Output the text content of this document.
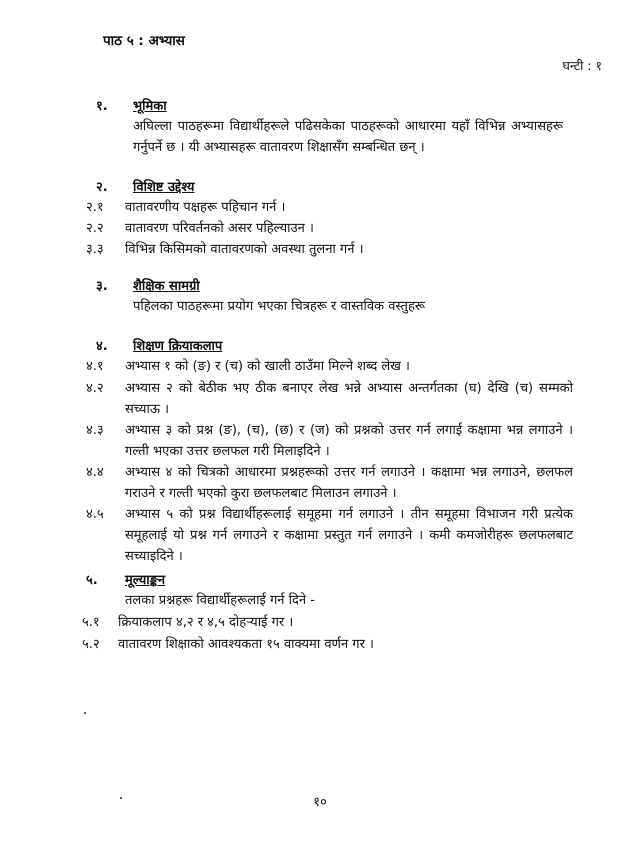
पाठ ५ : अभ्यास
घन्टी : १
१. भूमिका
अघिल्ला पाठहरूमा विद्यार्थीहरूले पढिसकेका पाठहरूको आधारमा यहाँ विभिन्न अभ्यासहरू गर्नुपर्ने छ । यी अभ्यासहरू वातावरण शिक्षासँग सम्बन्धित छन् ।
२. विशिष्ट उद्देश्य
२.१ वातावरणीय पक्षहरू पहिचान गर्न ।
२.२ वातावरण परिवर्तनको असर पहिल्याउन ।
३.३ विभिन्न किसिमको वातावरणको अवस्था तुलना गर्न ।
३. शैक्षिक सामग्री
पहिलका पाठहरूमा प्रयोग भएका चित्रहरू र वास्तविक वस्तुहरू
४. शिक्षण क्रियाकलाप
४.१ अभ्यास १ को (ङ) र (च) को खाली ठाउँमा मिल्ने शब्द लेख ।
४.२ अभ्यास २ को बेठीक भए ठीक बनाएर लेख भन्ने अभ्यास अन्तर्गतका (घ) देखि (च) सम्मको सच्याऊ ।
४.३ अभ्यास ३ को प्रश्न (ङ), (च), (छ) र (ज) को प्रश्नको उत्तर गर्न लगाई कक्षामा भन्न लगाउने । गल्ती भएका उत्तर छलफल गरी मिलाइदिने ।
४.४ अभ्यास ४ को चित्रको आधारमा प्रश्नहरूको उत्तर गर्न लगाउने । कक्षामा भन्न लगाउने, छलफल गराउने र गल्ती भएको कुरा छलफलबाट मिलाउन लगाउने ।
४.५ अभ्यास ५ को प्रश्न विद्यार्थीहरूलाई समूहमा गर्न लगाउने । तीन समूहमा विभाजन गरी प्रत्येक समूहलाई यो प्रश्न गर्न लगाउने र कक्षामा प्रस्तुत गर्न लगाउने । कमी कमजोरीहरू छलफलबाट सच्याइदिने ।
५. मूल्याङ्कन
तलका प्रश्नहरू विद्यार्थीहरूलाई गर्न दिने -
५.१ क्रियाकलाप ४,२ र ४,५ दोहऱ्याई गर ।
५.२ वातावरण शिक्षाको आवश्यकता १५ वाक्यमा वर्णन गर ।
१०
